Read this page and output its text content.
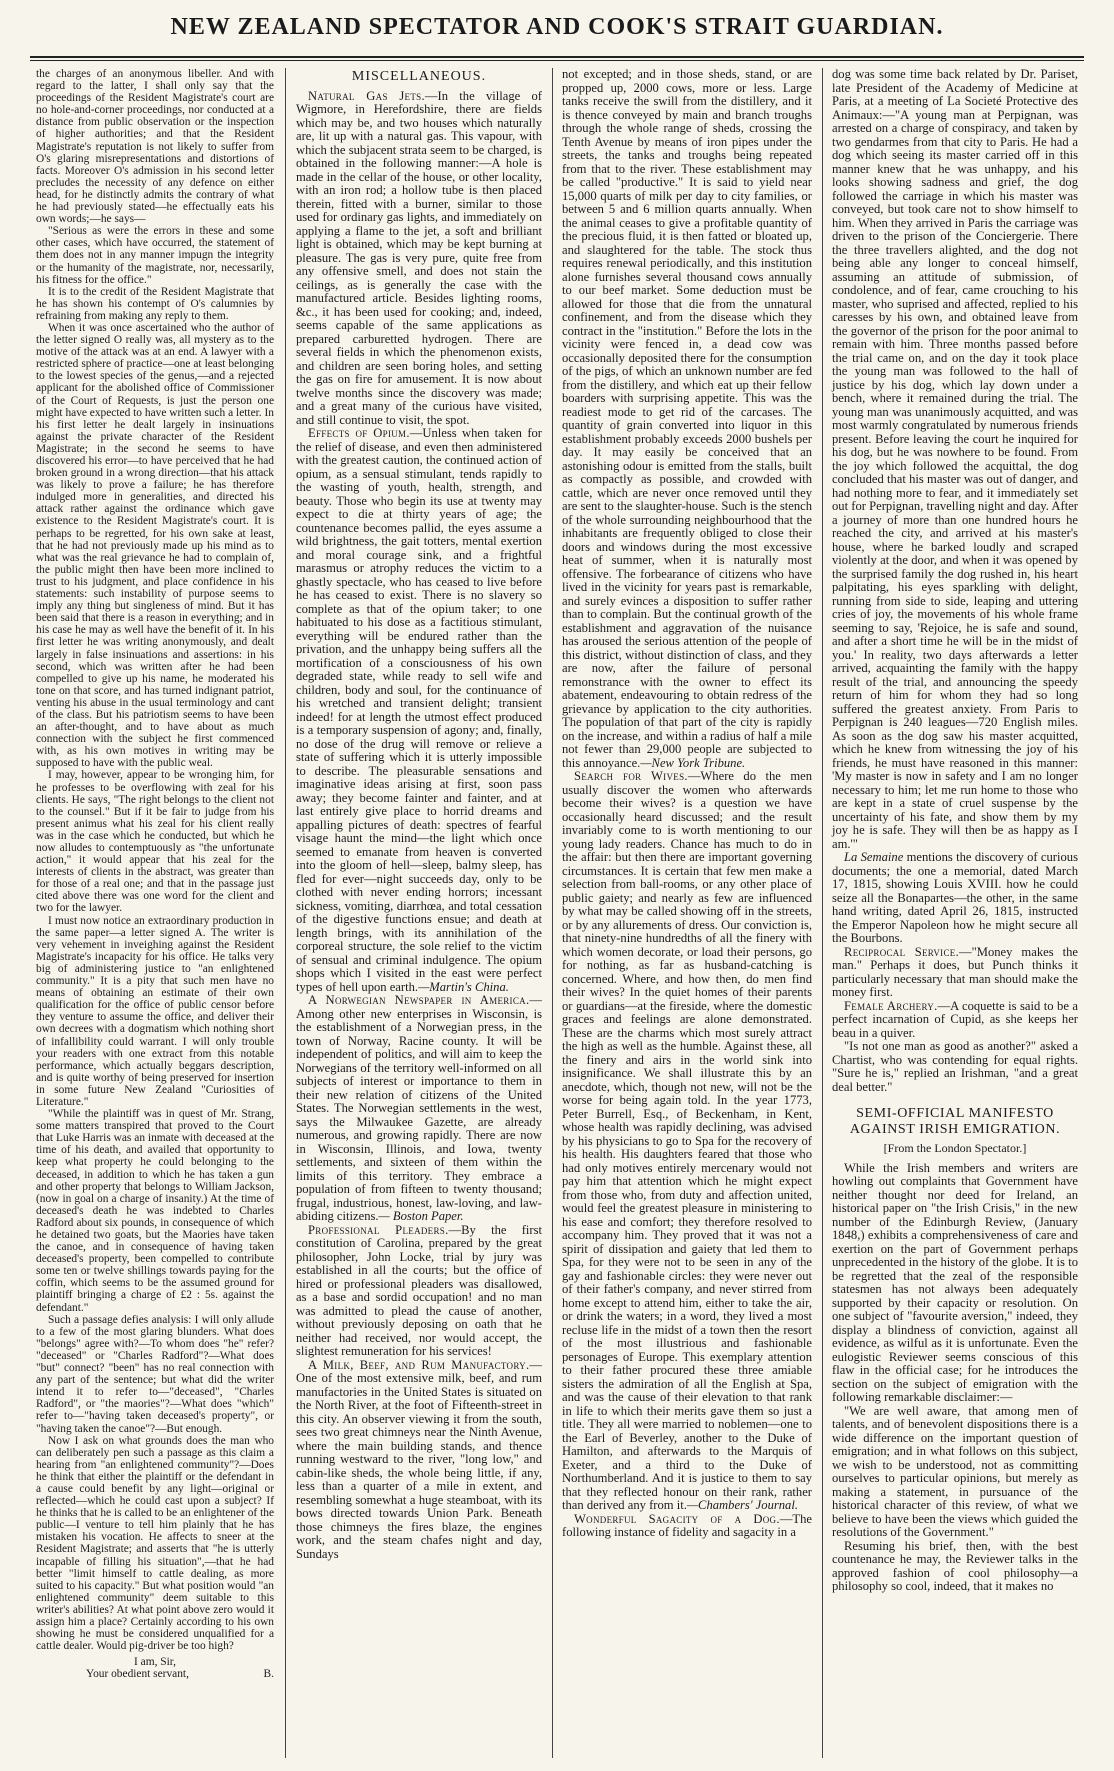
NEW ZEALAND SPECTATOR AND COOK'S STRAIT GUARDIAN.

the charges of an anonymous libeller. And with regard to the latter, I shall only say that the proceedings of the Resident Magistrate's court are no hole-and-corner proceedings, nor conducted at a distance from public observation or the inspection of higher authorities; and that the Resident Magistrate's reputation is not likely to suffer from O's glaring misrepresentations and distortions of facts. Moreover O's admission in his second letter precludes the necessity of any defence on either head, for he distinctly admits the contrary of what he had previously stated—he effectually eats his own words;—he says—

"Serious as were the errors in these and some other cases, which have occurred, the statement of them does not in any manner impugn the integrity or the humanity of the magistrate, nor, necessarily, his fitness for the office."

It is to the credit of the Resident Magistrate that he has shown his contempt of O's calumnies by refraining from making any reply to them.

When it was once ascertained who the author of the letter signed O really was, all mystery as to the motive of the attack was at an end. A lawyer with a restricted sphere of practice—one at least belonging to the lowest species of the genus,—and a rejected applicant for the abolished office of Commissioner of the Court of Requests, is just the person one might have expected to have written such a letter. In his first letter he dealt largely in insinuations against the private character of the Resident Magistrate; in the second he seems to have discovered his error—to have perceived that he had broken ground in a wrong direction—that his attack was likely to prove a failure; he has therefore indulged more in generalities, and directed his attack rather against the ordinance which gave existence to the Resident Magistrate's court. It is perhaps to be regretted, for his own sake at least, that he had not previously made up his mind as to what was the real grievance he had to complain of, the public might then have been more inclined to trust to his judgment, and place confidence in his statements: such instability of purpose seems to imply any thing but singleness of mind. But it has been said that there is a reason in everything; and in his case he may as well have the benefit of it. In his first letter he was writing anonymously, and dealt largely in false insinuations and assertions: in his second, which was written after he had been compelled to give up his name, he moderated his tone on that score, and has turned indignant patriot, venting his abuse in the usual terminology and cant of the class. But his patriotism seems to have been an after-thought, and to have about as much connection with the subject he first commenced with, as his own motives in writing may be supposed to have with the public weal.

I may, however, appear to be wronging him, for he professes to be overflowing with zeal for his clients. He says, "The right belongs to the client not to the counsel." But if it be fair to judge from his present animus what his zeal for his client really was in the case which he conducted, but which he now alludes to contemptuously as "the unfortunate action," it would appear that his zeal for the interests of clients in the abstract, was greater than for those of a real one; and that in the passage just cited above there was one word for the client and two for the lawyer.

I must now notice an extraordinary production in the same paper—a letter signed A. The writer is very vehement in inveighing against the Resident Magistrate's incapacity for his office. He talks very big of administering justice to "an enlightened community." It is a pity that such men have no means of obtaining an estimate of their own qualification for the office of public censor before they venture to assume the office, and deliver their own decrees with a dogmatism which nothing short of infallibility could warrant. I will only trouble your readers with one extract from this notable performance, which actually beggars description, and is quite worthy of being preserved for insertion in some future New Zealand "Curiosities of Literature."

"While the plaintiff was in quest of Mr. Strang, some matters transpired that proved to the Court that Luke Harris was an inmate with deceased at the time of his death, and availed that opportunity to keep what property he could belonging to the deceased, in addition to which he has taken a gun and other property that belongs to William Jackson, (now in goal on a charge of insanity.) At the time of deceased's death he was indebted to Charles Radford about six pounds, in consequence of which he detained two goats, but the Maories have taken the canoe, and in consequence of having taken deceased's property, been compelled to contribute some ten or twelve shillings towards paying for the coffin, which seems to be the assumed ground for plaintiff bringing a charge of £2 : 5s. against the defendant."

Such a passage defies analysis: I will only allude to a few of the most glaring blunders. What does "belongs" agree with?—To whom does "he" refer? "deceased" or "Charles Radford"?—What does "but" connect? "been" has no real connection with any part of the sentence; but what did the writer intend it to refer to—"deceased", "Charles Radford", or "the maories"?—What does "which" refer to—"having taken deceased's property", or "having taken the canoe"?—But enough.

Now I ask on what grounds does the man who can deliberately pen such a passage as this claim a hearing from "an enlightened community"?—Does he think that either the plaintiff or the defendant in a cause could benefit by any light—original or reflected—which he could cast upon a subject? If he thinks that he is called to be an enlightener of the public—I venture to tell him plainly that he has mistaken his vocation. He affects to sneer at the Resident Magistrate; and asserts that "he is utterly incapable of filling his situation",—that he had better "limit himself to cattle dealing, as more suited to his capacity." But what position would "an enlightened community" deem suitable to this writer's abilities? At what point above zero would it assign him a place? Certainly according to his own showing he must be considered unqualified for a cattle dealer. Would pig-driver be too high?

I am, Sir,

Your obedient servant,	B.

MISCELLANEOUS.

Natural Gas Jets.—In the village of Wigmore, in Herefordshire, there are fields which may be, and two houses which naturally are, lit up with a natural gas. This vapour, with which the subjacent strata seem to be charged, is obtained in the following manner:—A hole is made in the cellar of the house, or other locality, with an iron rod; a hollow tube is then placed therein, fitted with a burner, similar to those used for ordinary gas lights, and immediately on applying a flame to the jet, a soft and brilliant light is obtained, which may be kept burning at pleasure. The gas is very pure, quite free from any offensive smell, and does not stain the ceilings, as is generally the case with the manufactured article. Besides lighting rooms, &c., it has been used for cooking; and, indeed, seems capable of the same applications as prepared carburetted hydrogen. There are several fields in which the phenomenon exists, and children are seen boring holes, and setting the gas on fire for amusement. It is now about twelve months since the discovery was made; and a great many of the curious have visited, and still continue to visit, the spot.

Effects of Opium.—Unless when taken for the relief of disease, and even then administered with the greatest caution, the continued action of opium, as a sensual stimulant, tends rapidly to the wasting of youth, health, strength, and beauty. Those who begin its use at twenty may expect to die at thirty years of age; the countenance becomes pallid, the eyes assume a wild brightness, the gait totters, mental exertion and moral courage sink, and a frightful marasmus or atrophy reduces the victim to a ghastly spectacle, who has ceased to live before he has ceased to exist. There is no slavery so complete as that of the opium taker; to one habituated to his dose as a factitious stimulant, everything will be endured rather than the privation, and the unhappy being suffers all the mortification of a consciousness of his own degraded state, while ready to sell wife and children, body and soul, for the continuance of his wretched and transient delight; transient indeed! for at length the utmost effect produced is a temporary suspension of agony; and, finally, no dose of the drug will remove or relieve a state of suffering which it is utterly impossible to describe. The pleasurable sensations and imaginative ideas arising at first, soon pass away; they become fainter and fainter, and at last entirely give place to horrid dreams and appalling pictures of death: spectres of fearful visage haunt the mind—the light which once seemed to emanate from heaven is converted into the gloom of hell—sleep, balmy sleep, has fled for ever—night succeeds day, only to be clothed with never ending horrors; incessant sickness, vomiting, diarrhœa, and total cessation of the digestive functions ensue; and death at length brings, with its annihilation of the corporeal structure, the sole relief to the victim of sensual and criminal indulgence. The opium shops which I visited in the east were perfect types of hell upon earth.—Martin's China.

A Norwegian Newspaper in America.—Among other new enterprises in Wisconsin, is the establishment of a Norwegian press, in the town of Norway, Racine county. It will be independent of politics, and will aim to keep the Norwegians of the territory well-informed on all subjects of interest or importance to them in their new relation of citizens of the United States. The Norwegian settlements in the west, says the Milwaukee Gazette, are already numerous, and growing rapidly. There are now in Wisconsin, Illinois, and Iowa, twenty settlements, and sixteen of them within the limits of this territory. They embrace a population of from fifteen to twenty thousand; frugal, industrious, honest, law-loving, and law-abiding citizens.— Boston Paper.

Professional Pleaders.—By the first constitution of Carolina, prepared by the great philosopher, John Locke, trial by jury was established in all the courts; but the office of hired or professional pleaders was disallowed, as a base and sordid occupation! and no man was admitted to plead the cause of another, without previously deposing on oath that he neither had received, nor would accept, the slightest remuneration for his services!

A Milk, Beef, and Rum Manufactory.—One of the most extensive milk, beef, and rum manufactories in the United States is situated on the North River, at the foot of Fifteenth-street in this city. An observer viewing it from the south, sees two great chimneys near the Ninth Avenue, where the main building stands, and thence running westward to the river, "long low," and cabin-like sheds, the whole being little, if any, less than a quarter of a mile in extent, and resembling somewhat a huge steamboat, with its bows directed towards Union Park. Beneath those chimneys the fires blaze, the engines work, and the steam chafes night and day, Sundays

not excepted; and in those sheds, stand, or are propped up, 2000 cows, more or less. Large tanks receive the swill from the distillery, and it is thence conveyed by main and branch troughs through the whole range of sheds, crossing the Tenth Avenue by means of iron pipes under the streets, the tanks and troughs being repeated from that to the river. These establishment may be called "productive." It is said to yield near 15,000 quarts of milk per day to city families, or between 5 and 6 million quarts annually. When the animal ceases to give a profitable quantity of the precious fluid, it is then fatted or bloated up, and slaughtered for the table. The stock thus requires renewal periodically, and this institution alone furnishes several thousand cows annually to our beef market. Some deduction must be allowed for those that die from the unnatural confinement, and from the disease which they contract in the "institution." Before the lots in the vicinity were fenced in, a dead cow was occasionally deposited there for the consumption of the pigs, of which an unknown number are fed from the distillery, and which eat up their fellow boarders with surprising appetite. This was the readiest mode to get rid of the carcases. The quantity of grain converted into liquor in this establishment probably exceeds 2000 bushels per day. It may easily be conceived that an astonishing odour is emitted from the stalls, built as compactly as possible, and crowded with cattle, which are never once removed until they are sent to the slaughter-house. Such is the stench of the whole surrounding neighbourhood that the inhabitants are frequently obliged to close their doors and windows during the most excessive heat of summer, when it is naturally most offensive. The forbearance of citizens who have lived in the vicinity for years past is remarkable, and surely evinces a disposition to suffer rather than to complain. But the continual growth of the establishment and aggravation of the nuisance has aroused the serious attention of the people of this district, without distinction of class, and they are now, after the failure of personal remonstrance with the owner to effect its abatement, endeavouring to obtain redress of the grievance by application to the city authorities. The population of that part of the city is rapidly on the increase, and within a radius of half a mile not fewer than 29,000 people are subjected to this annoyance.—New York Tribune.

Search for Wives.—Where do the men usually discover the women who afterwards become their wives? is a question we have occasionally heard discussed; and the result invariably come to is worth mentioning to our young lady readers. Chance has much to do in the affair: but then there are important governing circumstances. It is certain that few men make a selection from ball-rooms, or any other place of public gaiety; and nearly as few are influenced by what may be called showing off in the streets, or by any allurements of dress. Our conviction is, that ninety-nine hundredths of all the finery with which women decorate, or load their persons, go for nothing, as far as husband-catching is concerned. Where, and how then, do men find their wives? In the quiet homes of their parents or guardians—at the fireside, where the domestic graces and feelings are alone demonstrated. These are the charms which most surely attract the high as well as the humble. Against these, all the finery and airs in the world sink into insignificance. We shall illustrate this by an anecdote, which, though not new, will not be the worse for being again told. In the year 1773, Peter Burrell, Esq., of Beckenham, in Kent, whose health was rapidly declining, was advised by his physicians to go to Spa for the recovery of his health. His daughters feared that those who had only motives entirely mercenary would not pay him that attention which he might expect from those who, from duty and affection united, would feel the greatest pleasure in ministering to his ease and comfort; they therefore resolved to accompany him. They proved that it was not a spirit of dissipation and gaiety that led them to Spa, for they were not to be seen in any of the gay and fashionable circles: they were never out of their father's company, and never stirred from home except to attend him, either to take the air, or drink the waters; in a word, they lived a most recluse life in the midst of a town then the resort of the most illustrious and fashionable personages of Europe. This exemplary attention to their father procured these three amiable sisters the admiration of all the English at Spa, and was the cause of their elevation to that rank in life to which their merits gave them so just a title. They all were married to noblemen—one to the Earl of Beverley, another to the Duke of Hamilton, and afterwards to the Marquis of Exeter, and a third to the Duke of Northumberland. And it is justice to them to say that they reflected honour on their rank, rather than derived any from it.—Chambers' Journal.

Wonderful Sagacity of a Dog.—The following instance of fidelity and sagacity in a

dog was some time back related by Dr. Pariset, late President of the Academy of Medicine at Paris, at a meeting of La Societé Protective des Animaux:—"A young man at Perpignan, was arrested on a charge of conspiracy, and taken by two gendarmes from that city to Paris. He had a dog which seeing its master carried off in this manner knew that he was unhappy, and his looks showing sadness and grief, the dog followed the carriage in which his master was conveyed, but took care not to show himself to him. When they arrived in Paris the carriage was driven to the prison of the Conciergerie. There the three travellers alighted, and the dog not being able any longer to conceal himself, assuming an attitude of submission, of condolence, and of fear, came crouching to his master, who suprised and affected, replied to his caresses by his own, and obtained leave from the governor of the prison for the poor animal to remain with him. Three months passed before the trial came on, and on the day it took place the young man was followed to the hall of justice by his dog, which lay down under a bench, where it remained during the trial. The young man was unanimously acquitted, and was most warmly congratulated by numerous friends present. Before leaving the court he inquired for his dog, but he was nowhere to be found. From the joy which followed the acquittal, the dog concluded that his master was out of danger, and had nothing more to fear, and it immediately set out for Perpignan, travelling night and day. After a journey of more than one hundred hours he reached the city, and arrived at his master's house, where he barked loudly and scraped violently at the door, and when it was opened by the surprised family the dog rushed in, his heart palpitating, his eyes sparkling with delight, running from side to side, leaping and uttering cries of joy, the movements of his whole frame seeming to say, 'Rejoice, he is safe and sound, and after a short time he will be in the midst of you.' In reality, two days afterwards a letter arrived, acquainting the family with the happy result of the trial, and announcing the speedy return of him for whom they had so long suffered the greatest anxiety. From Paris to Perpignan is 240 leagues—720 English miles. As soon as the dog saw his master acquitted, which he knew from witnessing the joy of his friends, he must have reasoned in this manner: 'My master is now in safety and I am no longer necessary to him; let me run home to those who are kept in a state of cruel suspense by the uncertainty of his fate, and show them by my joy he is safe. They will then be as happy as I am.'"

La Semaine mentions the discovery of curious documents; the one a memorial, dated March 17, 1815, showing Louis XVIII. how he could seize all the Bonapartes—the other, in the same hand writing, dated April 26, 1815, instructed the Emperor Napoleon how he might secure all the Bourbons.

Reciprocal Service.—"Money makes the man." Perhaps it does, but Punch thinks it particularly necessary that man should make the money first.

Female Archery.—A coquette is said to be a perfect incarnation of Cupid, as she keeps her beau in a quiver.

"Is not one man as good as another?" asked a Chartist, who was contending for equal rights. "Sure he is," replied an Irishman, "and a great deal better."

SEMI-OFFICIAL MANIFESTO AGAINST IRISH EMIGRATION.

[From the London Spectator.]

While the Irish members and writers are howling out complaints that Government have neither thought nor deed for Ireland, an historical paper on "the Irish Crisis," in the new number of the Edinburgh Review, (January 1848,) exhibits a comprehensiveness of care and exertion on the part of Government perhaps unprecedented in the history of the globe. It is to be regretted that the zeal of the responsible statesmen has not always been adequately supported by their capacity or resolution. On one subject of "favourite aversion," indeed, they display a blindness of conviction, against all evidence, as wilful as it is unfortunate. Even the eulogistic Reviewer seems conscious of this flaw in the official case; for he introduces the section on the subject of emigration with the following remarkable disclaimer:—

"We are well aware, that among men of talents, and of benevolent dispositions there is a wide difference on the important question of emigration; and in what follows on this subject, we wish to be understood, not as committing ourselves to particular opinions, but merely as making a statement, in pursuance of the historical character of this review, of what we believe to have been the views which guided the resolutions of the Government."

Resuming his brief, then, with the best countenance he may, the Reviewer talks in the approved fashion of cool philosophy—a philosophy so cool, indeed, that it makes no
